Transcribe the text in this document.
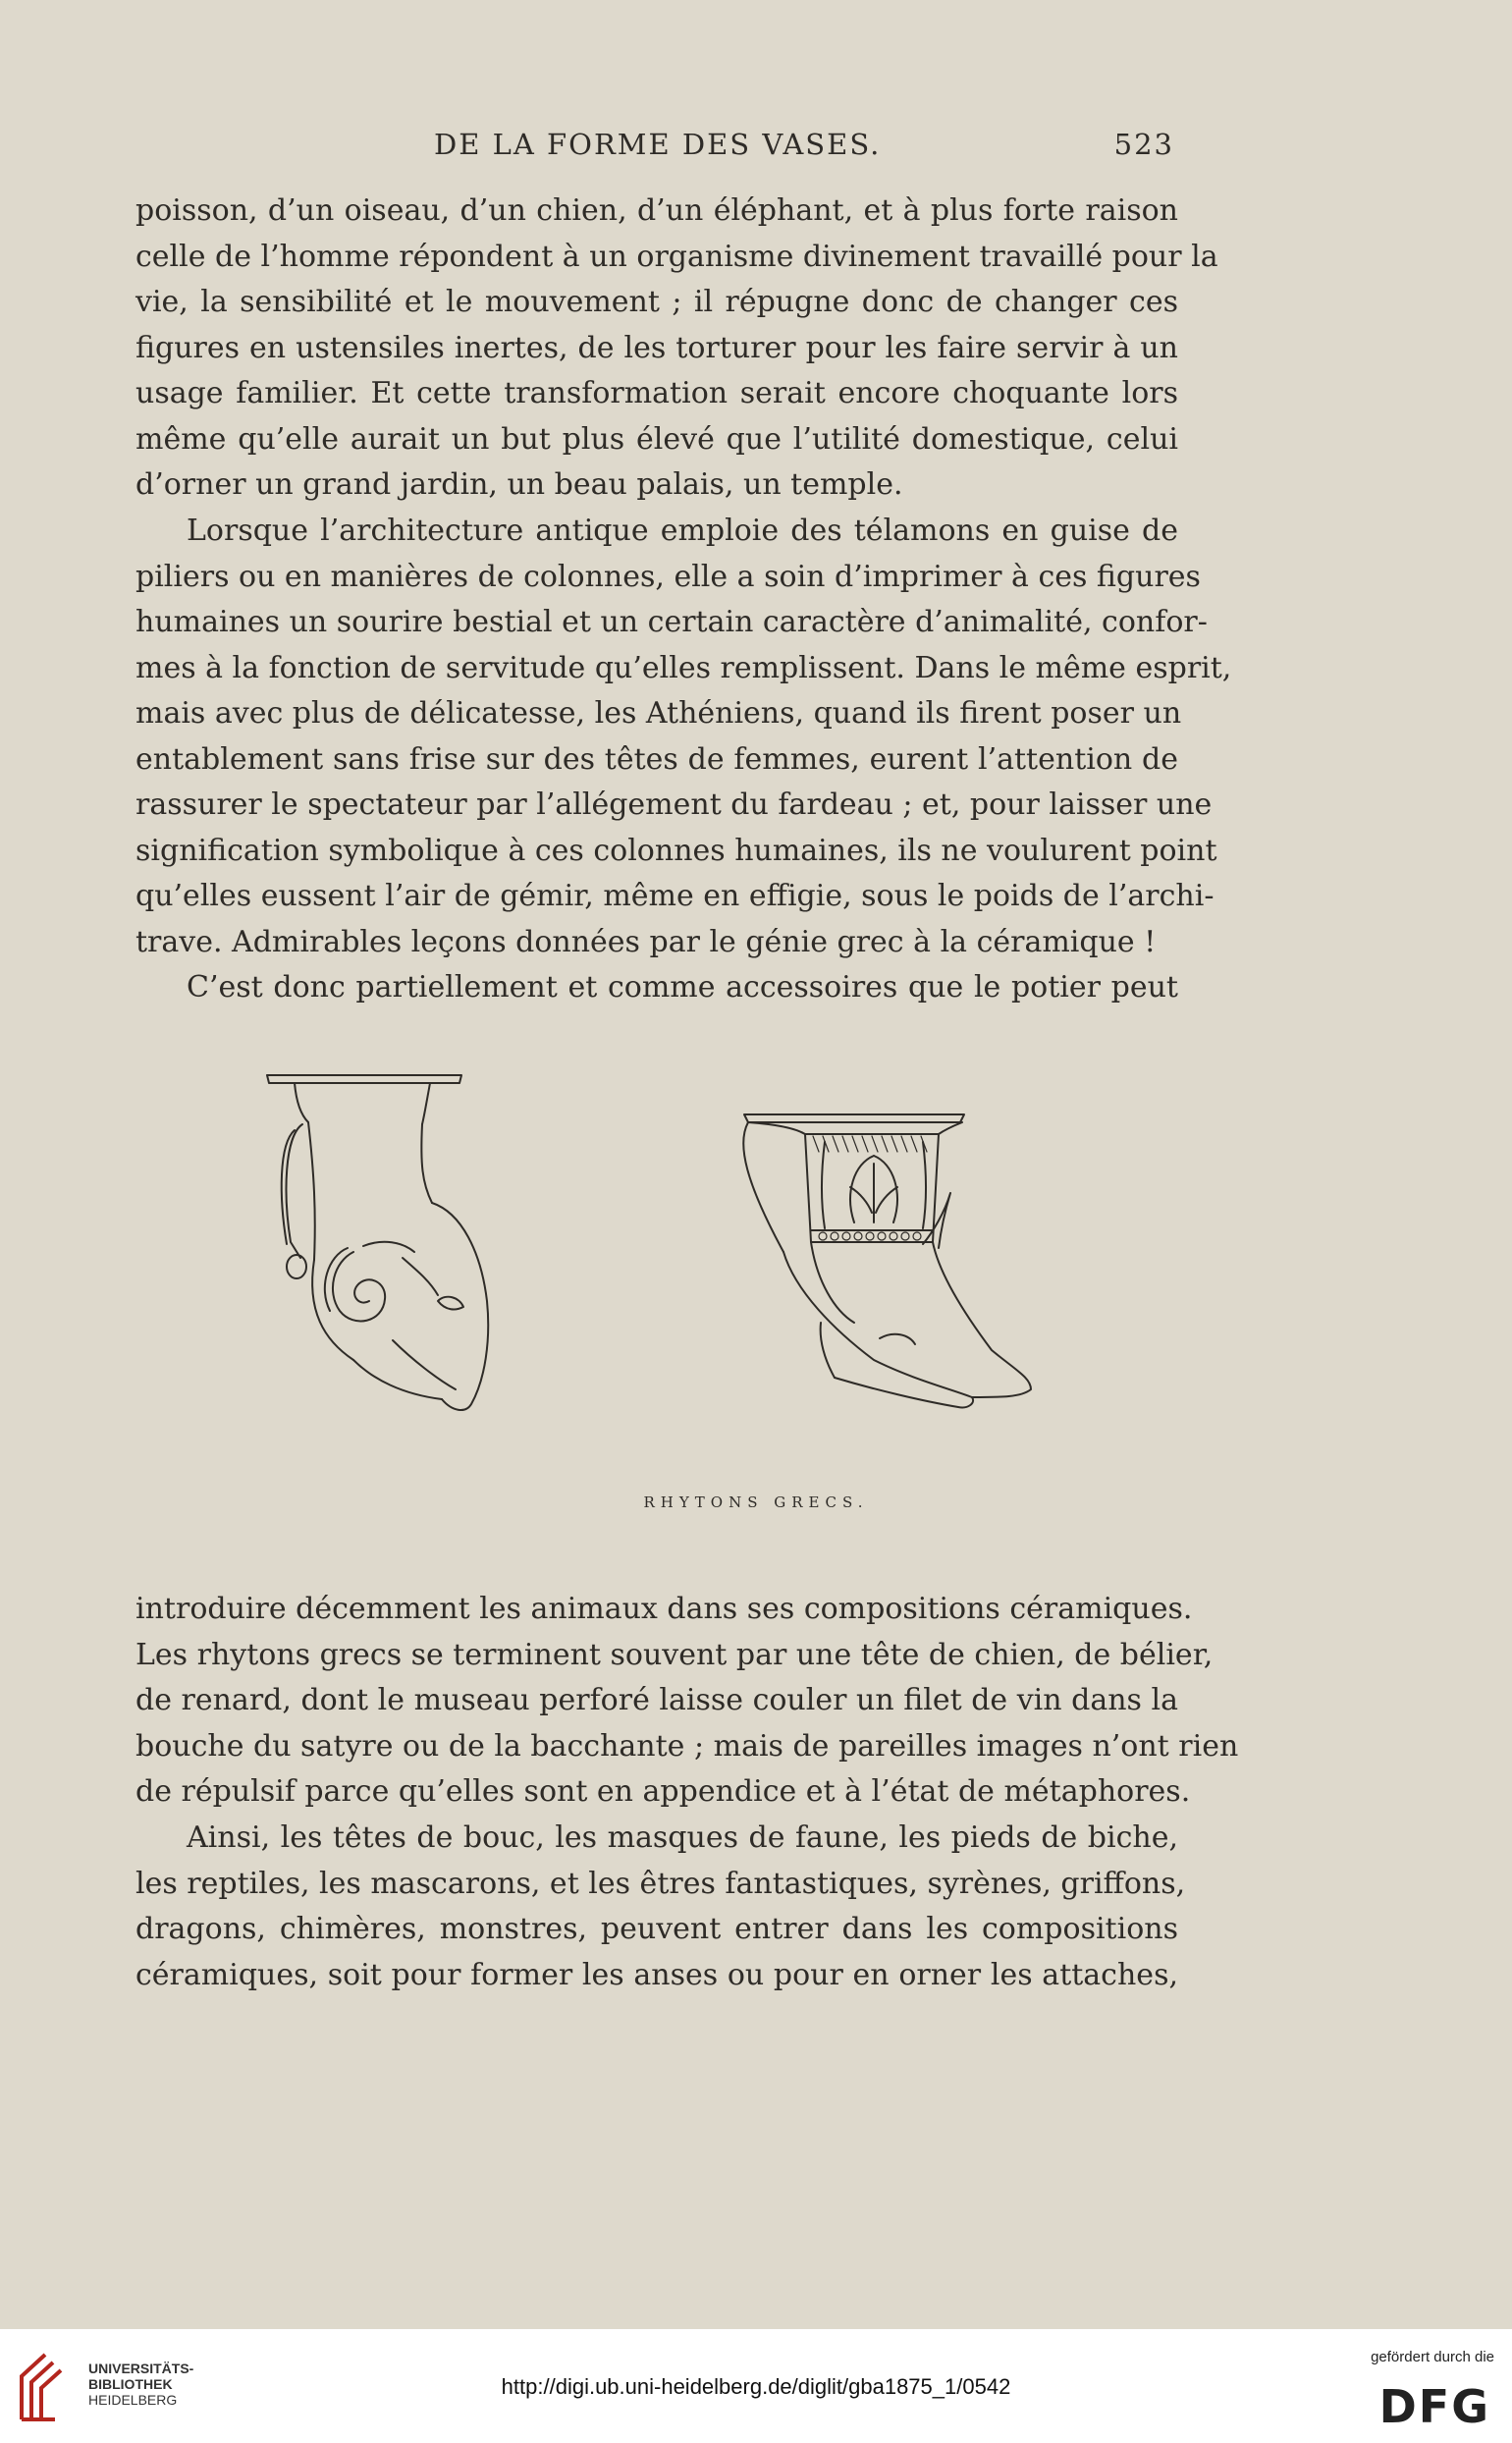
DE LA FORME DES VASES.	523

poisson, d’un oiseau, d’un chien, d’un éléphant, et à plus forte raison
celle de l’homme répondent à un organisme divinement travaillé pour la
vie, la sensibilité et le mouvement ; il répugne donc de changer ces
figures en ustensiles inertes, de les torturer pour les faire servir à un
usage familier. Et cette transformation serait encore choquante lors
même qu’elle aurait un but plus élevé que l’utilité domestique, celui
d’orner un grand jardin, un beau palais, un temple.

Lorsque l’architecture antique emploie des télamons en guise de
piliers ou en manières de colonnes, elle a soin d’imprimer à ces figures
humaines un sourire bestial et un certain caractère d’animalité, confor-
mes à la fonction de servitude qu’elles remplissent. Dans le même esprit,
mais avec plus de délicatesse, les Athéniens, quand ils firent poser un
entablement sans frise sur des têtes de femmes, eurent l’attention de
rassurer le spectateur par l’allégement du fardeau ; et, pour laisser une
signification symbolique à ces colonnes humaines, ils ne voulurent point
qu’elles eussent l’air de gémir, même en effigie, sous le poids de l’archi-
trave. Admirables leçons données par le génie grec à la céramique !

C’est donc partiellement et comme accessoires que le potier peut

RHYTONS GRECS.

introduire décemment les animaux dans ses compositions céramiques.
Les rhytons grecs se terminent souvent par une tête de chien, de bélier,
de renard, dont le museau perforé laisse couler un filet de vin dans la
bouche du satyre ou de la bacchante ; mais de pareilles images n’ont rien
de répulsif parce qu’elles sont en appendice et à l’état de métaphores.

Ainsi, les têtes de bouc, les masques de faune, les pieds de biche,
les reptiles, les mascarons, et les êtres fantastiques, syrènes, griffons,
dragons, chimères, monstres, peuvent entrer dans les compositions
céramiques, soit pour former les anses ou pour en orner les attaches,

UNIVERSITÄTS-
BIBLIOTHEK
HEIDELBERG
http://digi.ub.uni-heidelberg.de/diglit/gba1875_1/0542
gefördert durch die
DFG
